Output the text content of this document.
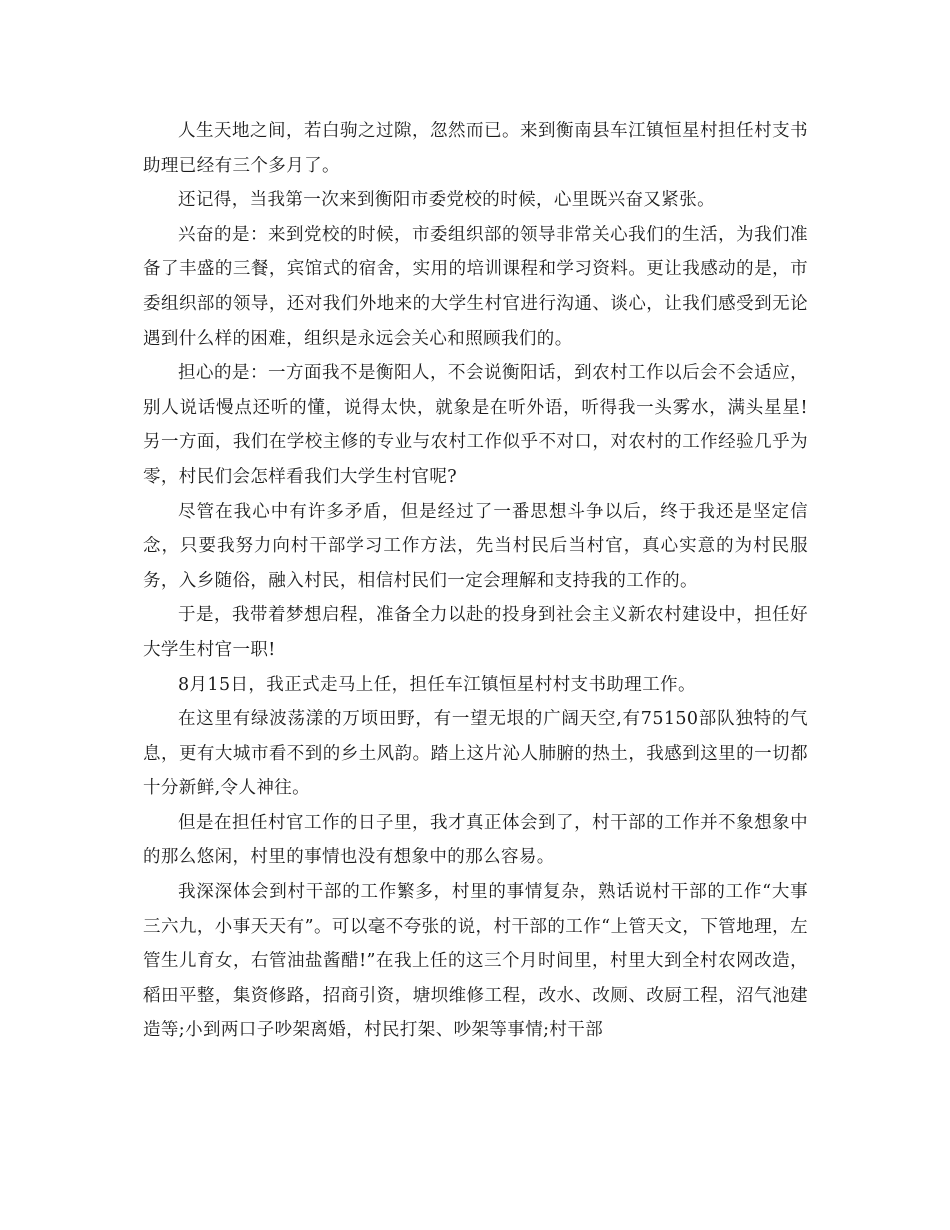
人生天地之间，若白驹之过隙，忽然而已。来到衡南县车江镇恒星村担任村支书助理已经有三个多月了。

还记得，当我第一次来到衡阳市委党校的时候，心里既兴奋又紧张。

兴奋的是：来到党校的时候，市委组织部的领导非常关心我们的生活，为我们准备了丰盛的三餐，宾馆式的宿舍，实用的培训课程和学习资料。更让我感动的是，市委组织部的领导，还对我们外地来的大学生村官进行沟通、谈心，让我们感受到无论遇到什么样的困难，组织是永远会关心和照顾我们的。

担心的是：一方面我不是衡阳人，不会说衡阳话，到农村工作以后会不会适应，别人说话慢点还听的懂，说得太快，就象是在听外语，听得我一头雾水，满头星星!另一方面，我们在学校主修的专业与农村工作似乎不对口，对农村的工作经验几乎为零，村民们会怎样看我们大学生村官呢?

尽管在我心中有许多矛盾，但是经过了一番思想斗争以后，终于我还是坚定信念，只要我努力向村干部学习工作方法，先当村民后当村官，真心实意的为村民服务，入乡随俗，融入村民，相信村民们一定会理解和支持我的工作的。

于是，我带着梦想启程，准备全力以赴的投身到社会主义新农村建设中，担任好大学生村官一职!

8月15日，我正式走马上任，担任车江镇恒星村村支书助理工作。

在这里有绿波荡漾的万顷田野，有一望无垠的广阔天空,有75150部队独特的气息，更有大城市看不到的乡土风韵。踏上这片沁人肺腑的热土，我感到这里的一切都十分新鲜,令人神往。

但是在担任村官工作的日子里，我才真正体会到了，村干部的工作并不象想象中的那么悠闲，村里的事情也没有想象中的那么容易。

我深深体会到村干部的工作繁多，村里的事情复杂，熟话说村干部的工作“大事三六九，小事天天有”。可以毫不夸张的说，村干部的工作“上管天文，下管地理，左管生儿育女，右管油盐酱醋!”在我上任的这三个月时间里，村里大到全村农网改造，稻田平整，集资修路，招商引资，塘坝维修工程，改水、改厕、改厨工程，沼气池建造等;小到两口子吵架离婚，村民打架、吵架等事情;村干部
